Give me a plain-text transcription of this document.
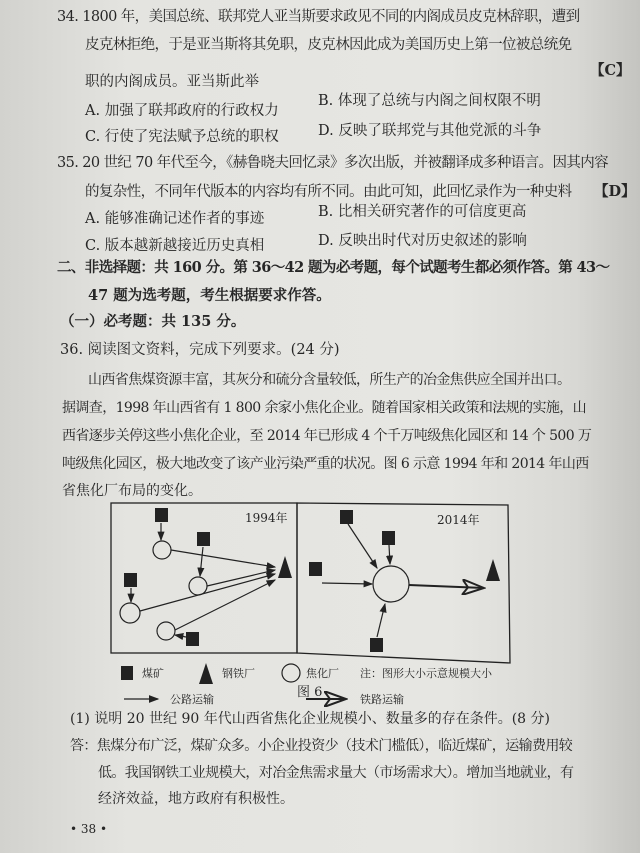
34. 1800 年，美国总统、联邦党人亚当斯要求政见不同的内阁成员皮克林辞职，遭到
皮克林拒绝，于是亚当斯将其免职，皮克林因此成为美国历史上第一位被总统免
职的内阁成员。亚当斯此举
【C】
A. 加强了联邦政府的行政权力
B. 体现了总统与内阁之间权限不明
C. 行使了宪法赋予总统的职权	D. 反映了联邦党与其他党派的斗争
35. 20 世纪 70 年代至今，《赫鲁晓夫回忆录》多次出版，并被翻译成多种语言。因其内容
的复杂性，不同年代版本的内容均有所不同。由此可知，此回忆录作为一种史料 【D】
A. 能够准确记述作者的事迹	B. 比相关研究著作的可信度更高
C. 版本越新越接近历史真相	D. 反映出时代对历史叙述的影响
二、非选择题：共 160 分。第 36～42 题为必考题，每个试题考生都必须作答。第 43～
47 题为选考题，考生根据要求作答。
（一）必考题：共 135 分。
36. 阅读图文资料，完成下列要求。(24 分)
山西省焦煤资源丰富，其灰分和硫分含量较低，所生产的冶金焦供应全国并出口。
据调查，1998 年山西省有 1 800 余家小焦化企业。随着国家相关政策和法规的实施，山
西省逐步关停这些小焦化企业，至 2014 年已形成 4 个千万吨级焦化园区和 14 个 500 万
吨级焦化园区，极大地改变了该产业污染严重的状况。图 6 示意 1994 年和 2014 年山西
省焦化厂布局的变化。
1994年	2014年
煤矿	钢铁厂	焦化厂 注：图形大小示意规模大小
公路运输	铁路运输
图 6
(1) 说明 20 世纪 90 年代山西省焦化企业规模小、数量多的存在条件。(8 分)
答：焦煤分布广泛，煤矿众多。小企业投资少（技术门槛低），临近煤矿，运输费用较
低。我国钢铁工业规模大，对冶金焦需求量大（市场需求大）。增加当地就业，有
经济效益，地方政府有积极性。
• 38 •
